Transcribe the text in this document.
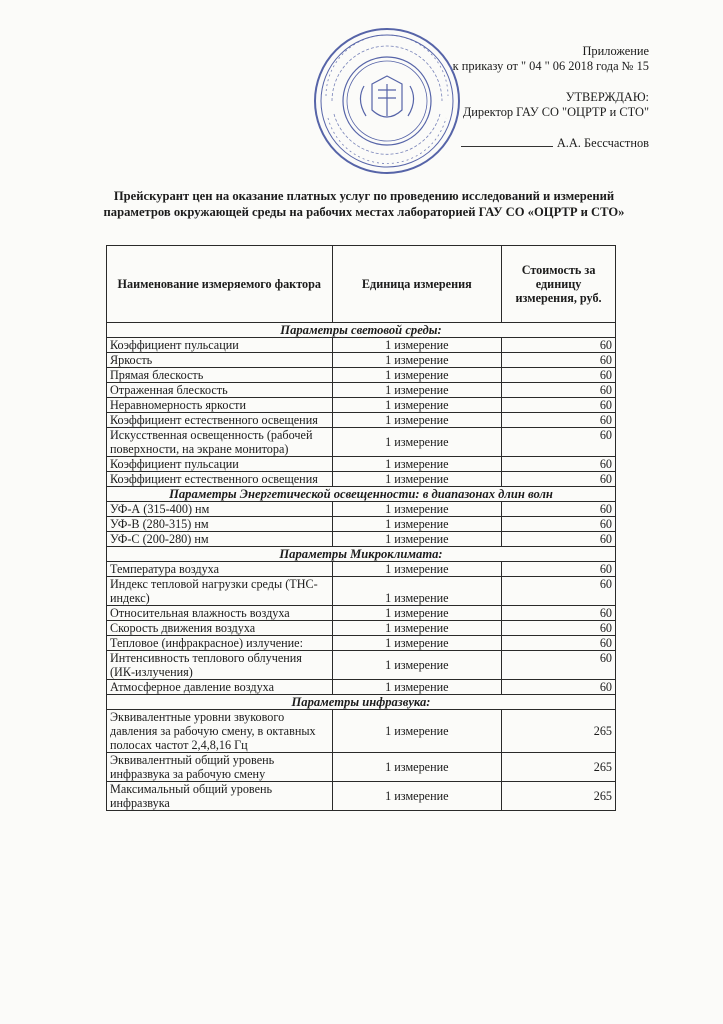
Приложение
к приказу от " 04 " 06 2018 года № 15
УТВЕРЖДАЮ:
Директор ГАУ СО "ОЦРТР и СТО"
А.А. Бессчастнов
Прейскурант цен на оказание платных услуг по проведению исследований и измерений параметров окружающей среды на рабочих местах лабораторией ГАУ СО «ОЦРТР и СТО»
Наименование измеряемого фактора	Единица измерения	Стоимость за единицу измерения, руб.
Параметры световой среды:		
Коэффициент пульсации	1 измерение	60
Яркость	1 измерение	60
Прямая блескость	1 измерение	60
Отраженная блескость	1 измерение	60
Неравномерность яркости	1 измерение	60
Коэффициент естественного освещения	1 измерение	60
Искусственная освещенность (рабочей поверхности, на экране монитора)	1 измерение	60
Коэффициент пульсации	1 измерение	60
Коэффициент естественного освещения	1 измерение	60
Параметры Энергетической освещенности: в диапазонах длин волн		
УФ-А (315-400) нм	1 измерение	60
УФ-В (280-315) нм	1 измерение	60
УФ-С (200-280) нм	1 измерение	60
Параметры Микроклимата:		
Температура воздуха	1 измерение	60
Индекс тепловой нагрузки среды (ТНС-индекс)	1 измерение	60
Относительная влажность воздуха	1 измерение	60
Скорость движения воздуха	1 измерение	60
Тепловое (инфракрасное) излучение:	1 измерение	60
Интенсивность теплового облучения (ИК-излучения)	1 измерение	60
Атмосферное давление воздуха	1 измерение	60
Параметры инфразвука:		
Эквивалентные уровни звукового давления за рабочую смену, в октавных полосах частот 2,4,8,16 Гц	1 измерение	265
Эквивалентный общий уровень инфразвука за рабочую смену	1 измерение	265
Максимальный общий уровень инфразвука	1 измерение	265
